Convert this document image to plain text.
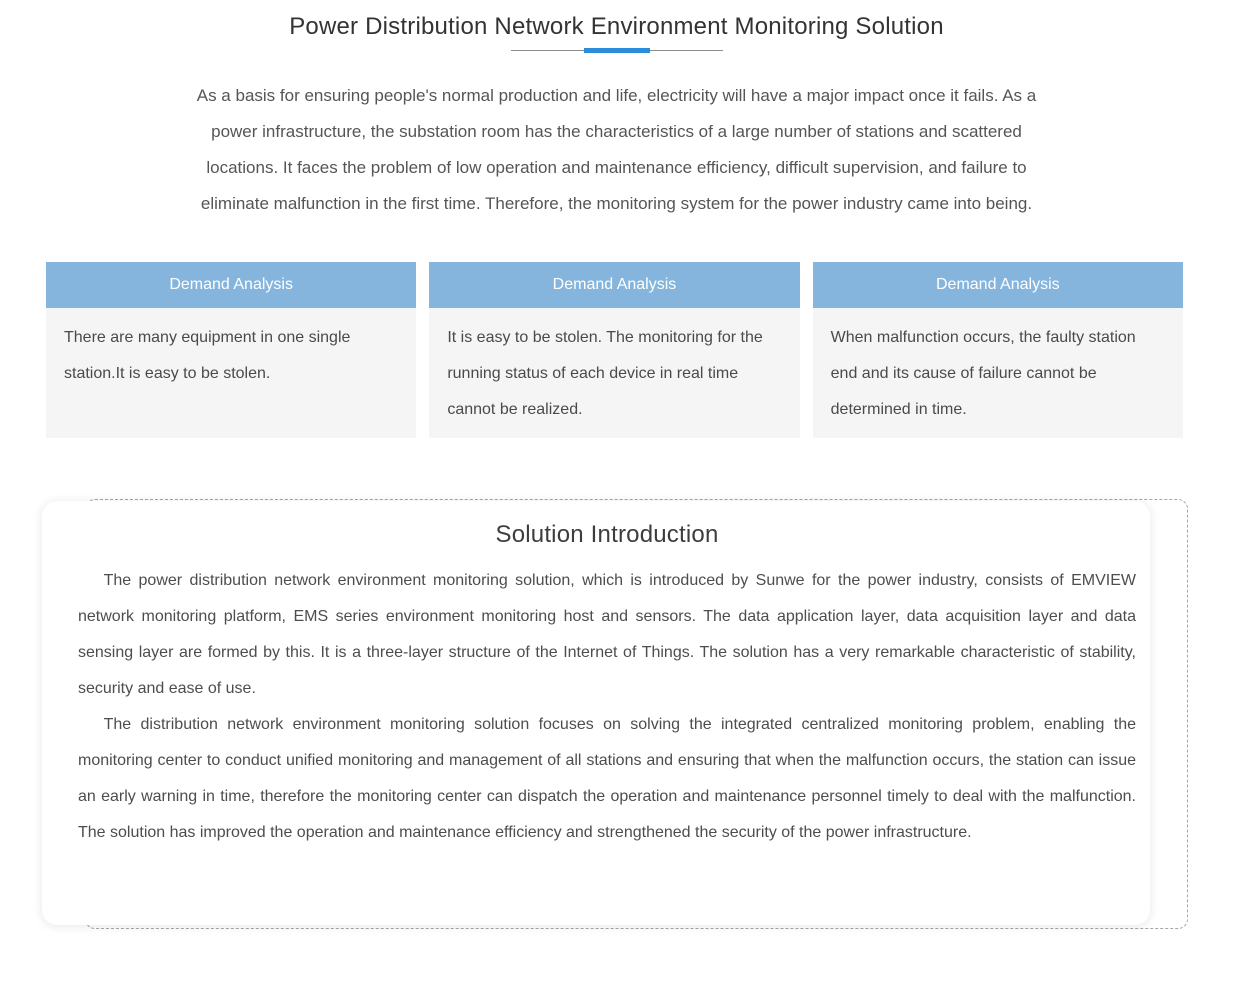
Power Distribution Network Environment Monitoring Solution

As a basis for ensuring people's normal production and life, electricity will have a major impact once it fails. As a power infrastructure, the substation room has the characteristics of a large number of stations and scattered locations. It faces the problem of low operation and maintenance efficiency, difficult supervision, and failure to eliminate malfunction in the first time. Therefore, the monitoring system for the power industry came into being.

Demand Analysis
There are many equipment in one single station.It is easy to be stolen.
Demand Analysis
It is easy to be stolen. The monitoring for the running status of each device in real time cannot be realized.
Demand Analysis
When malfunction occurs, the faulty station end and its cause of failure cannot be determined in time.
Solution Introduction

The power distribution network environment monitoring solution, which is introduced by Sunwe for the power industry, consists of EMVIEW network monitoring platform, EMS series environment monitoring host and sensors. The data application layer, data acquisition layer and data sensing layer are formed by this. It is a three-layer structure of the Internet of Things. The solution has a very remarkable characteristic of stability, security and ease of use.

The distribution network environment monitoring solution focuses on solving the integrated centralized monitoring problem, enabling the monitoring center to conduct unified monitoring and management of all stations and ensuring that when the malfunction occurs, the station can issue an early warning in time, therefore the monitoring center can dispatch the operation and maintenance personnel timely to deal with the malfunction. The solution has improved the operation and maintenance efficiency and strengthened the security of the power infrastructure.
